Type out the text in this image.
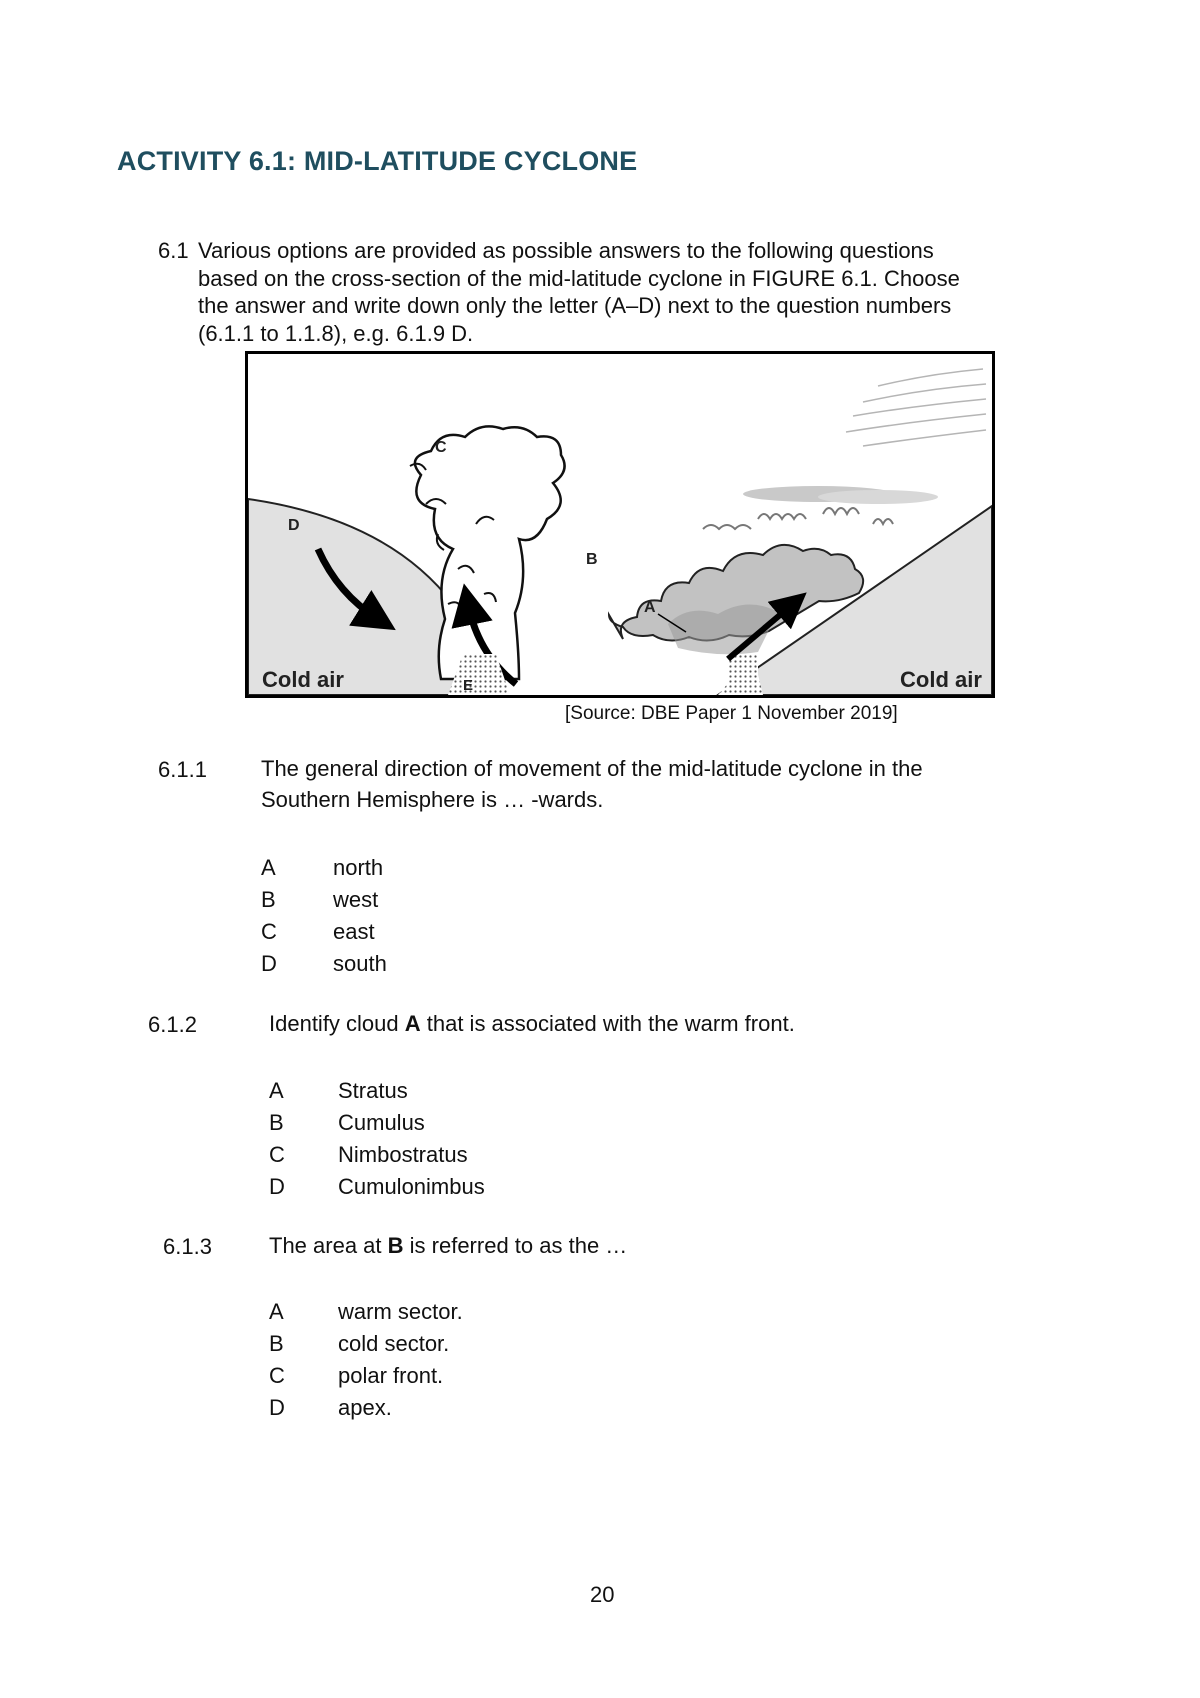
ACTIVITY 6.1: MID-LATITUDE CYCLONE
6.1 Various options are provided as possible answers to the following questions
based on the cross-section of the mid-latitude cyclone in FIGURE 6.1. Choose
the answer and write down only the letter (A–D) next to the question numbers
(6.1.1 to 1.1.8), e.g. 6.1.9 D.
C
D
B
A
E
Cold air	Cold air
[Source: DBE Paper 1 November 2019]
6.1.1 The general direction of movement of the mid-latitude cyclone in the
Southern Hemisphere is … -wards.
A	north
B	west
C	east
D	south
6.1.2	Identify cloud A that is associated with the warm front.
A	Stratus
B	Cumulus
C	Nimbostratus
D	Cumulonimbus
6.1.3	The area at B is referred to as the …
A	warm sector.
B	cold sector.
C	polar front.
D	apex.
20
